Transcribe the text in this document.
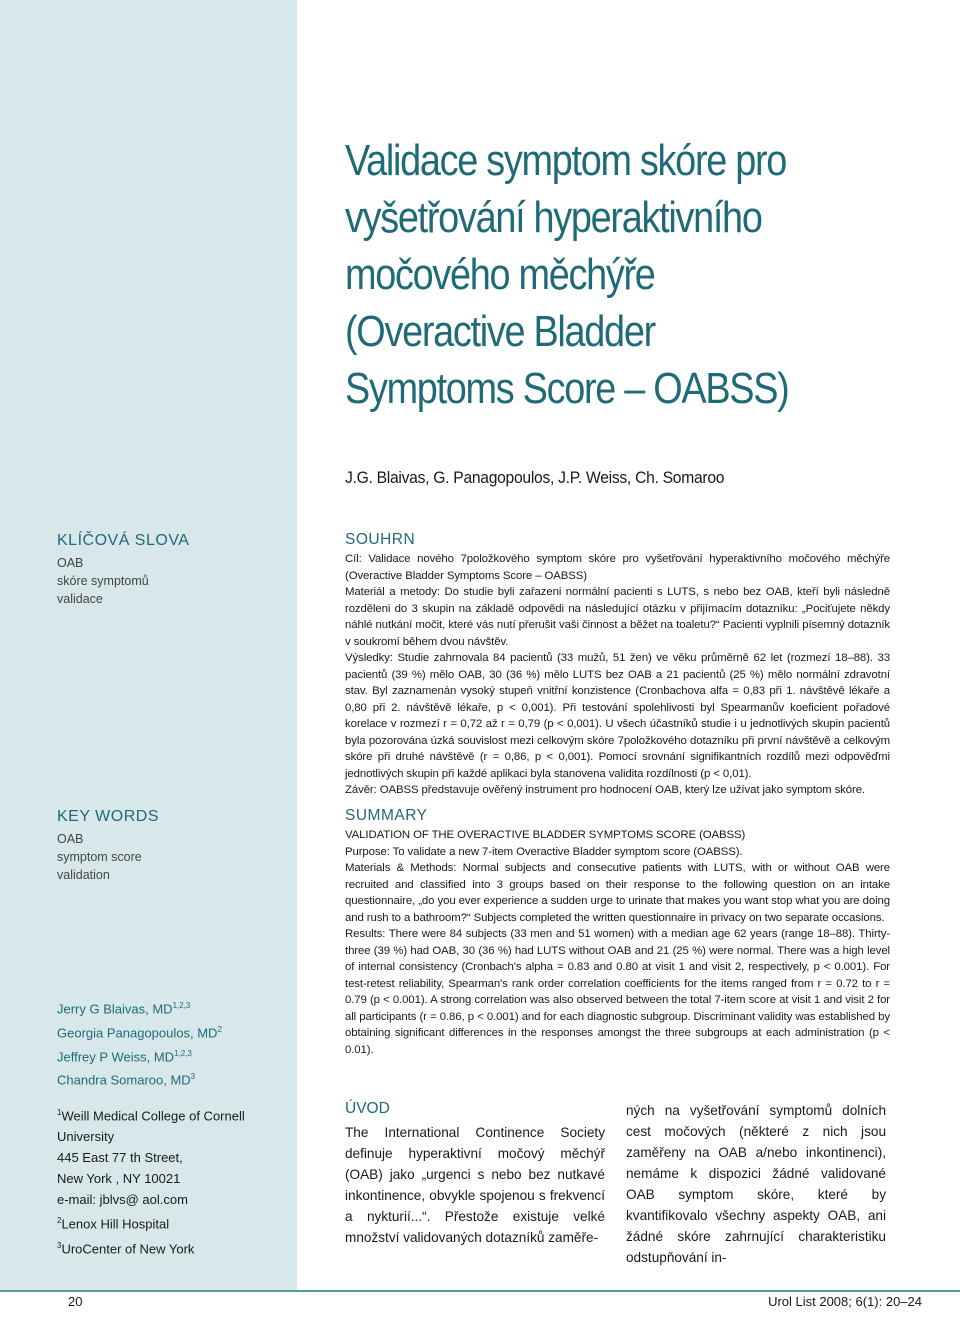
Validace symptom skóre pro
vyšetřování hyperaktivního
močového měchýře
(Overactive Bladder
Symptoms Score – OABSS)
J.G. Blaivas, G. Panagopoulos, J.P. Weiss, Ch. Somaroo
KLÍČOVÁ SLOVA
OAB
skóre symptomů
validace
KEY WORDS
OAB
symptom score
validation
Jerry G Blaivas, MD$^{1,2,3}$
Georgia Panagopoulos, $MD^2$
Jeffrey P Weiss, MD$^{1,2,3}$
Chandra Somaroo, $MD^3$
$^1$Weill Medical College of Cornell
University
445 East 77 th Street,
New York , NY 10021
e-mail: jblvs@ aol.com
$^2$Lenox Hill Hospital
$^3$UroCenter of New York
SOUHRN

Cíl: Validace nového 7položkového symptom skóre pro vyšetřování hyperaktivního močového měchýře (Overactive Bladder Symptoms Score – OABSS)

Materiál a metody: Do studie byli zařazeni normální pacienti s LUTS, s nebo bez OAB, kteří byli následně rozděleni do 3 skupin na základě odpovědi na následující otázku v přijímacím dotazníku: „Pociťujete někdy náhlé nutkání močit, které vás nutí přerušit vaši činnost a běžet na toaletu?“ Pacienti vyplnili písemný dotazník v soukromí během dvou návštěv.

Výsledky: Studie zahrnovala 84 pacientů (33 mužů, 51 žen) ve věku průměrně 62 let (rozmezí 18–88). 33 pacientů (39 %) mělo OAB, 30 (36 %) mělo LUTS bez OAB a 21 pacientů (25 %) mělo normální zdravotní stav. Byl zaznamenán vysoký stupeň vnitřní konzistence (Cronbachova alfa = 0,83 při 1. návštěvě lékaře a 0,80 při 2. návštěvě lékaře, p < 0,001). Při testování spolehlivosti byl Spearmanův koeficient pořadové korelace v rozmezí r = 0,72 až r = 0,79 (p < 0,001). U všech účastníků studie i u jednotlivých skupin pacientů byla pozorována úzká souvislost mezi celkovým skóre 7položkového dotazníku při první návštěvě a celkovým skóre při druhé návštěvě (r = 0,86, p < 0,001). Pomocí srovnání signifikantních rozdílů mezi odpověďmi jednotlivých skupin při každé aplikaci byla stanovena validita rozdílnosti (p < 0,01).

Závěr: OABSS představuje ověřený instrument pro hodnocení OAB, který lze užívat jako symptom skóre.

SUMMARY

VALIDATION OF THE OVERACTIVE BLADDER SYMPTOMS SCORE (OABSS)

Purpose: To validate a new 7-item Overactive Bladder symptom score (OABSS).

Materials & Methods: Normal subjects and consecutive patients with LUTS, with or without OAB were recruited and classified into 3 groups based on their response to the following question on an intake questionnaire, „do you ever experience a sudden urge to urinate that makes you want stop what you are doing and rush to a bathroom?“ Subjects completed the written questionnaire in privacy on two separate occasions.

Results: There were 84 subjects (33 men and 51 women) with a median age 62 years (range 18–88). Thirty-three (39 %) had OAB, 30 (36 %) had LUTS without OAB and 21 (25 %) were normal. There was a high level of internal consistency (Cronbach's alpha = 0.83 and 0.80 at visit 1 and visit 2, respectively, p < 0.001). For test-retest reliability, Spearman's rank order correlation coefficients for the items ranged from r = 0.72 to r = 0.79 (p < 0.001). A strong correlation was also observed between the total 7-item score at visit 1 and visit 2 for all participants (r = 0.86, p < 0.001) and for each diagnostic subgroup. Discriminant validity was established by obtaining significant differences in the responses amongst the three subgroups at each administration (p < 0.01).

ÚVOD

The International Continence Society definuje hyperaktivní močový měchýř (OAB) jako „urgenci s nebo bez nutkavé inkontinence, obvykle spojenou s frekvencí a nykturií...“. Přestože existuje velké množství validovaných dotazníků zaměře-

ných na vyšetřování symptomů dolních cest močových (některé z nich jsou zaměřeny na OAB a/nebo inkontinenci), nemáme k dispozici žádné validované OAB symptom skóre, které by kvantifikovalo všechny aspekty OAB, ani žádné skóre zahrnující charakteristiku odstupňování in-

20	Urol List 2008; 6(1): 20–24
